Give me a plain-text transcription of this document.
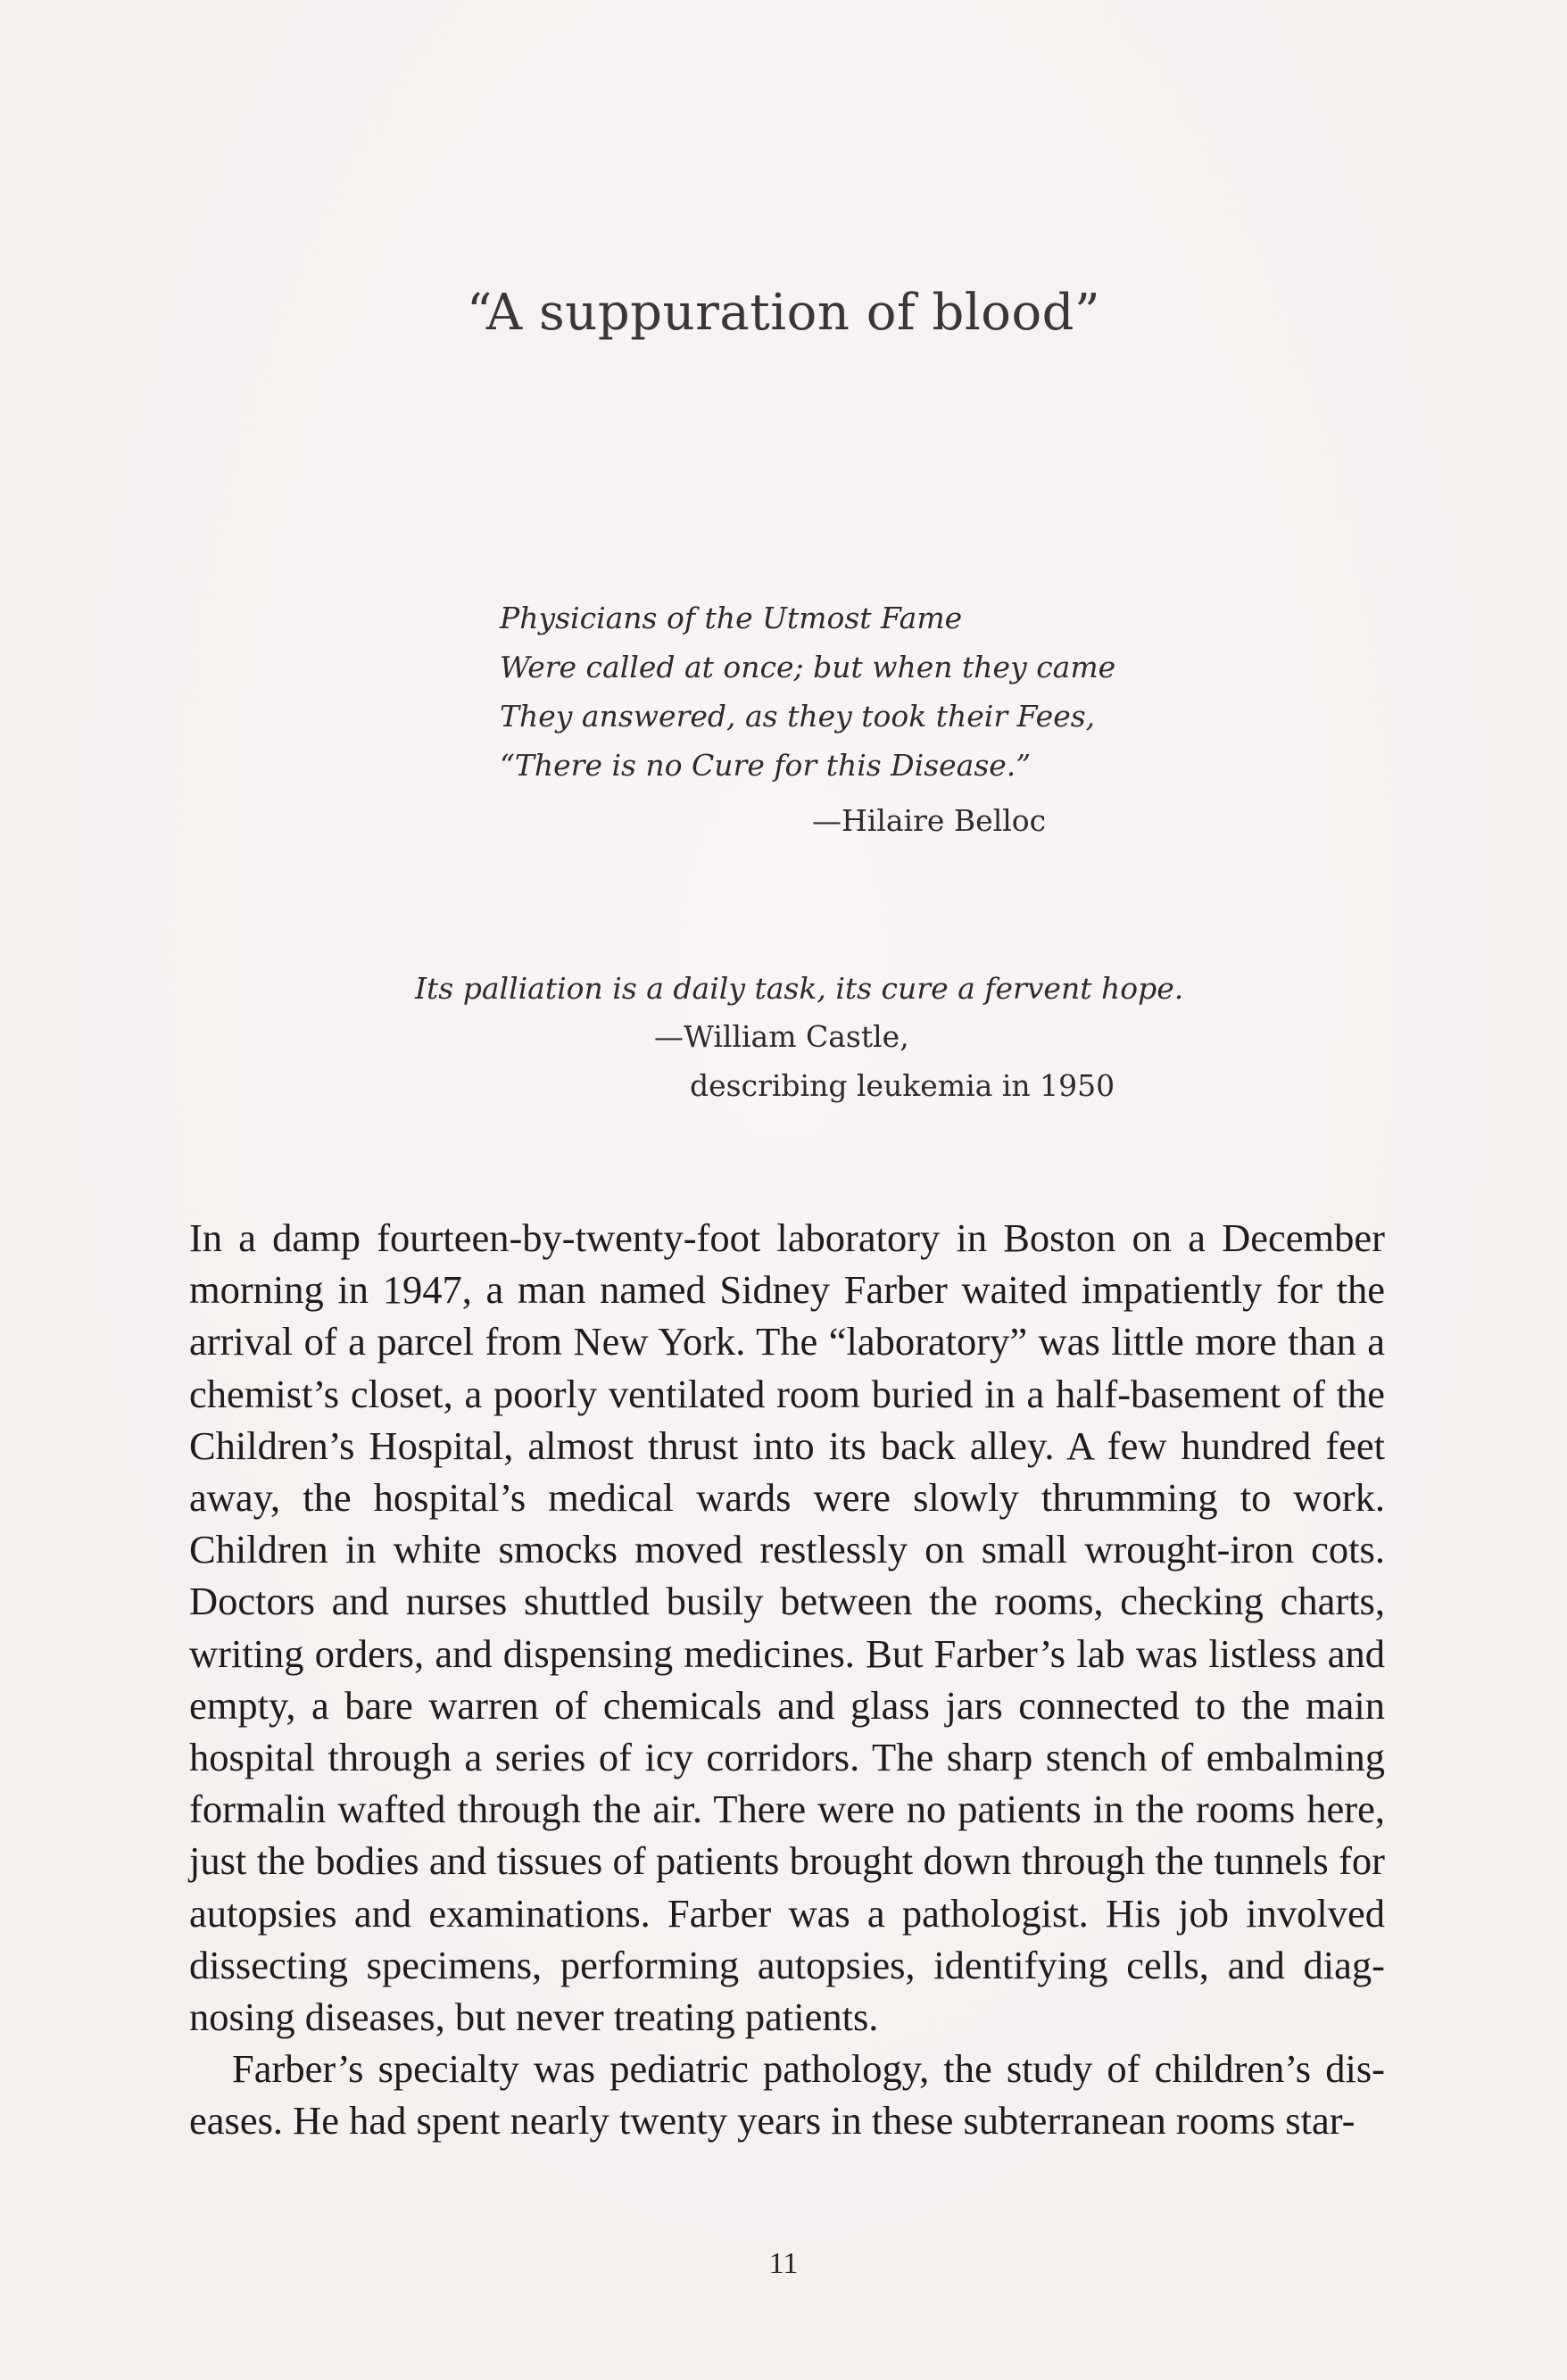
“A suppuration of blood”
Physicians of the Utmost Fame
Were called at once; but when they came
They answered, as they took their Fees,
“There is no Cure for this Disease.”
—Hilaire Belloc
Its palliation is a daily task, its cure a fervent hope.
—William Castle,
describing leukemia in 1950

In a damp fourteen-by-twenty-foot laboratory in Boston on a December morning in 1947, a man named Sidney Farber waited impatiently for the arrival of a parcel from New York. The “laboratory” was little more than a chemist’s closet, a poorly ventilated room buried in a half-basement of the Children’s Hospital, almost thrust into its back alley. A few hundred feet away, the hospital’s medical wards were slowly thrumming to work. Children in white smocks moved restlessly on small wrought-iron cots. Doctors and nurses shuttled busily between the rooms, checking charts, writing orders, and dispensing medicines. But Farber’s lab was listless and empty, a bare warren of chemicals and glass jars connected to the main hospital through a series of icy corridors. The sharp stench of embalming formalin wafted through the air. There were no patients in the rooms here, just the bodies and tissues of patients brought down through the tunnels for autopsies and examinations. Farber was a pathologist. His job involved dissecting specimens, performing autopsies, identifying cells, and diagnosing diseases, but never treating patients.

Farber’s specialty was pediatric pathology, the study of children’s diseases. He had spent nearly twenty years in these subterranean rooms star-

11
